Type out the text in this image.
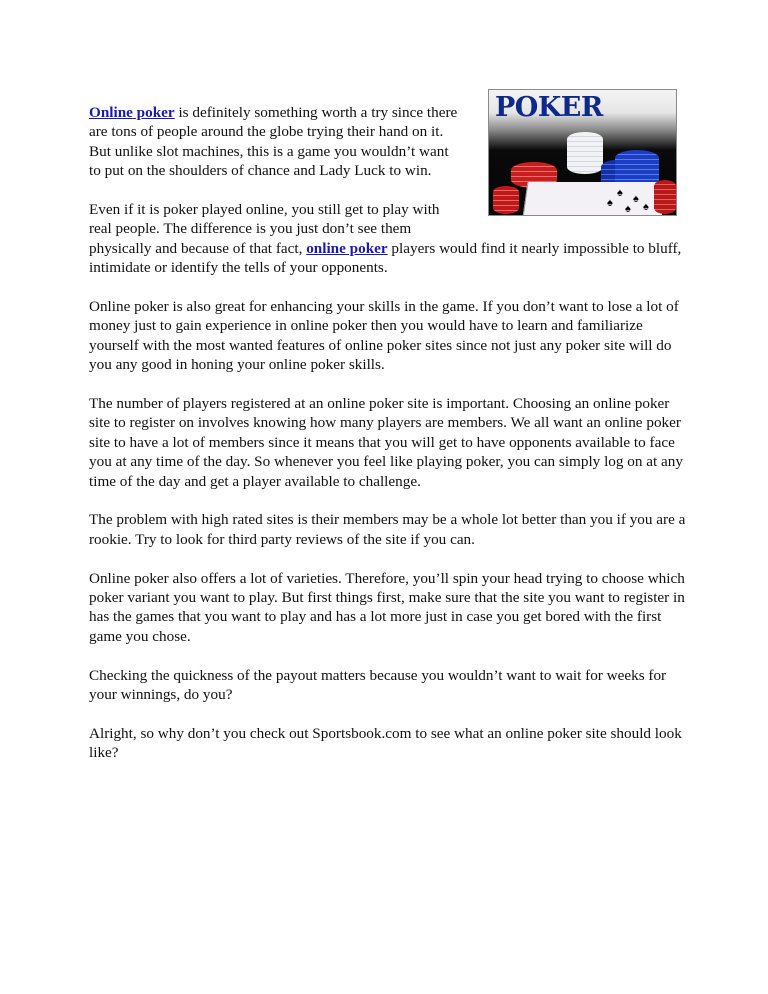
POKER
♠ ♠
♠ ♠ ♠

Online poker is definitely something worth a try since there are tons of people around the globe trying their hand on it. But unlike slot machines, this is a game you wouldn’t want to put on the shoulders of chance and Lady Luck to win.

Even if it is poker played online, you still get to play with real people. The difference is you just don’t see them physically and because of that fact, online poker players would find it nearly impossible to bluff, intimidate or identify the tells of your opponents.

Online poker is also great for enhancing your skills in the game. If you don’t want to lose a lot of money just to gain experience in online poker then you would have to learn and familiarize yourself with the most wanted features of online poker sites since not just any poker site will do you any good in honing your online poker skills.

The number of players registered at an online poker site is important. Choosing an online poker site to register on involves knowing how many players are members. We all want an online poker site to have a lot of members since it means that you will get to have opponents available to face you at any time of the day. So whenever you feel like playing poker, you can simply log on at any time of the day and get a player available to challenge.

The problem with high rated sites is their members may be a whole lot better than you if you are a rookie. Try to look for third party reviews of the site if you can.

Online poker also offers a lot of varieties. Therefore, you’ll spin your head trying to choose which poker variant you want to play. But first things first, make sure that the site you want to register in has the games that you want to play and has a lot more just in case you get bored with the first game you chose.

Checking the quickness of the payout matters because you wouldn’t want to wait for weeks for your winnings, do you?

Alright, so why don’t you check out Sportsbook.com to see what an online poker site should look like?
